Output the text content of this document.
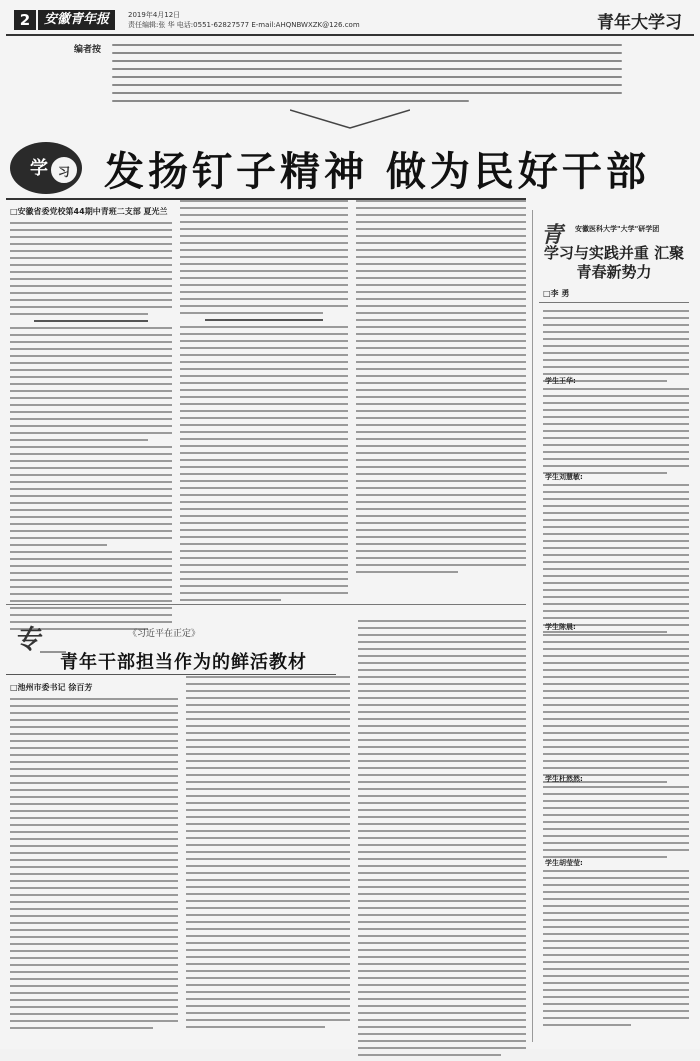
2	安徽青年报	2019年4月12日
责任编辑:张 华 电话:0551-62827577 E-mail:AHQNBWXZK@126.com	青年大学习
编者按
学 习 发扬钉子精神 做为民好干部
□安徽省委党校第44期中青班二支部 夏光兰
专	《习近平在正定》
青年干部担当作为的鲜活教材
□池州市委书记 徐百芳
青	安徽医科大学"大学"研学团
学习与实践并重 汇聚青春新势力
□李 勇
学生王华:
学生刘慧敏:
学生陈晨:
学生杜然然:
学生胡莹莹:
